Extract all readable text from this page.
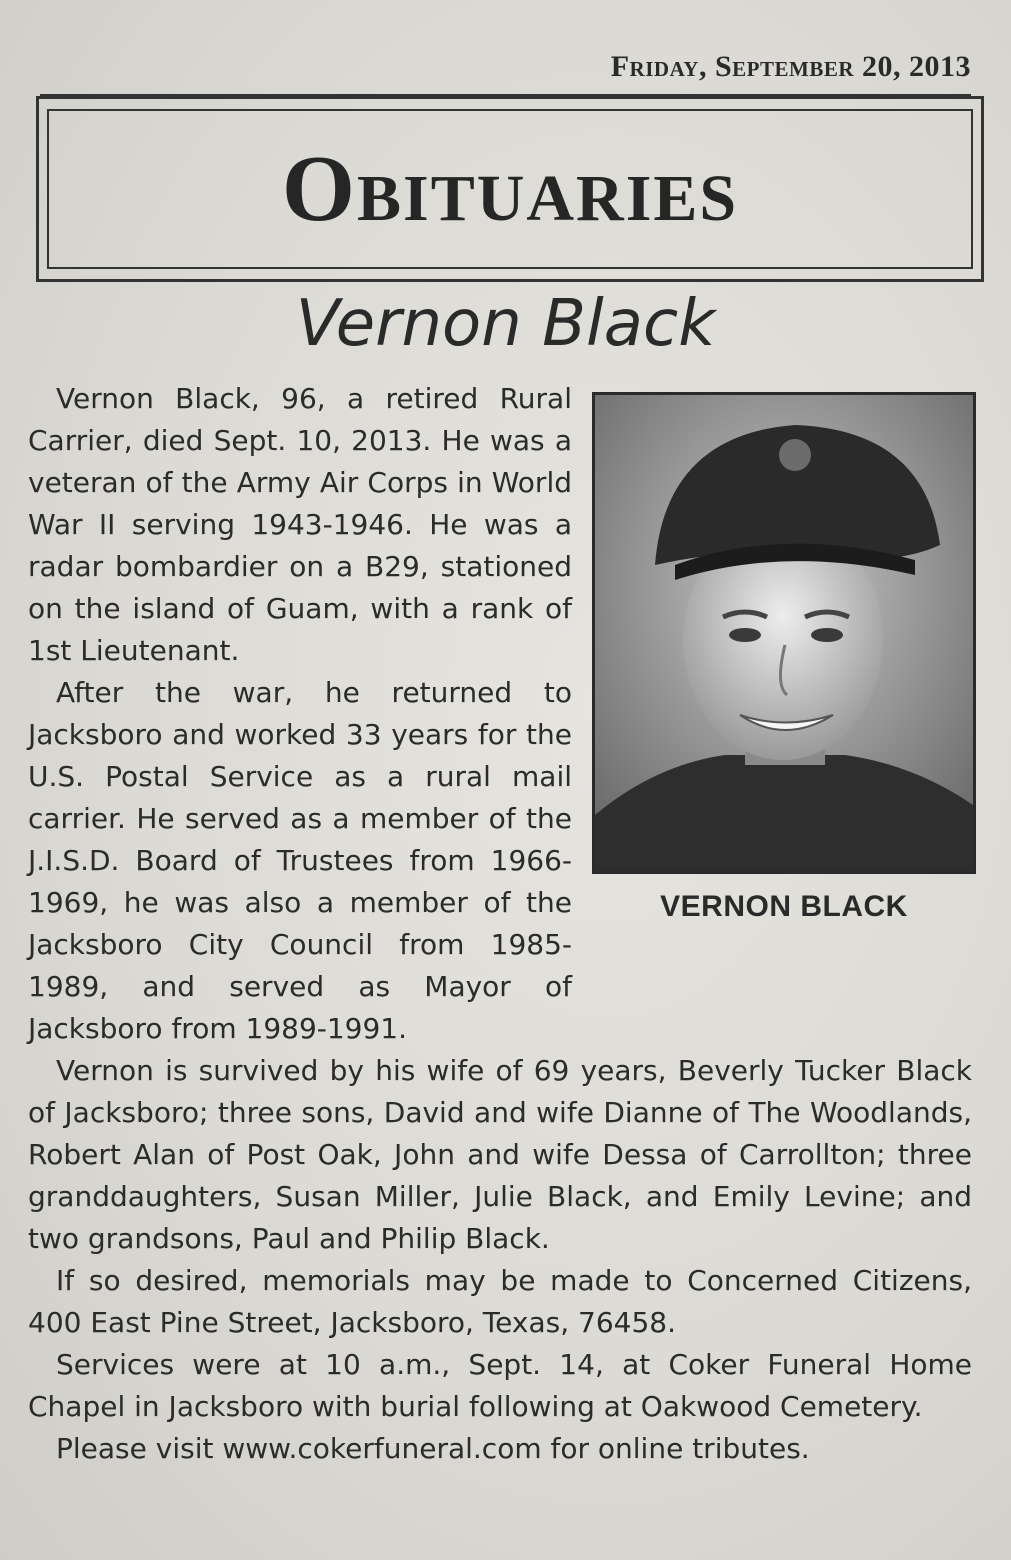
Friday, September 20, 2013
Obituaries
Vernon Black
VERNON BLACK

Vernon Black, 96, a retired Rural Carrier, died Sept. 10, 2013. He was a veteran of the Army Air Corps in World War II serving 1943-1946. He was a radar bombardier on a B29, stationed on the island of Guam, with a rank of 1st Lieutenant.

After the war, he returned to Jacksboro and worked 33 years for the U.S. Postal Service as a rural mail carrier. He served as a member of the J.I.S.D. Board of Trustees from 1966-1969, he was also a member of the Jacksboro City Council from 1985-1989, and served as Mayor of Jacksboro from 1989-1991.

Vernon is survived by his wife of 69 years, Beverly Tucker Black of Jacksboro; three sons, David and wife Dianne of The Woodlands, Robert Alan of Post Oak, John and wife Dessa of Carrollton; three granddaughters, Susan Miller, Julie Black, and Emily Levine; and two grandsons, Paul and Philip Black.

If so desired, memorials may be made to Concerned Citizens, 400 East Pine Street, Jacksboro, Texas, 76458.

Services were at 10 a.m., Sept. 14, at Coker Funeral Home Chapel in Jacksboro with burial following at Oakwood Cemetery.

Please visit www.cokerfuneral.com for online tributes.
